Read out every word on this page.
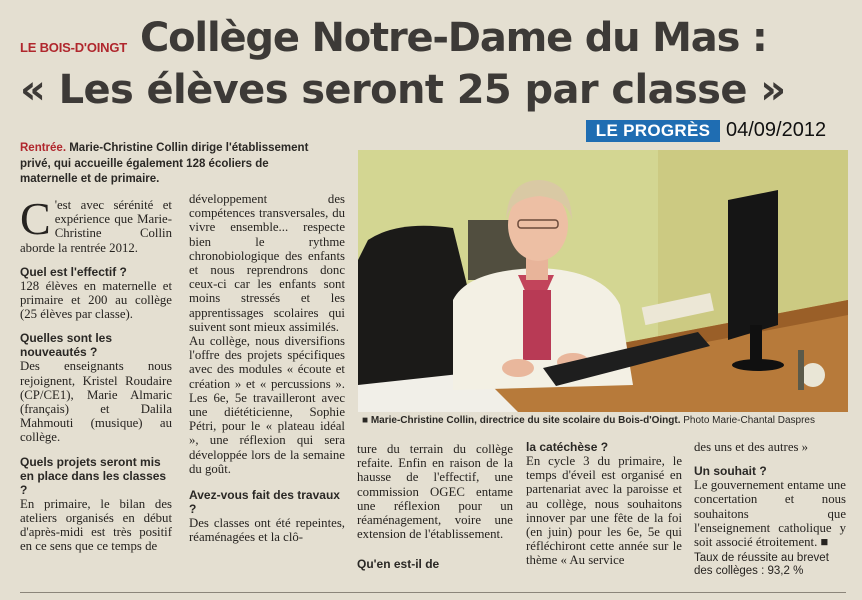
LE BOIS-D'OINGT Collège Notre-Dame du Mas :
« Les élèves seront 25 par classe »
LE PROGRÈS 04/09/2012
Rentrée. Marie-Christine Collin dirige l'établissement privé, qui accueille également 128 écoliers de maternelle et de primaire.

C 'est avec sérénité et expérience que Marie-Christine Collin aborde la rentrée 2012.

Quel est l'effectif ?

128 élèves en maternelle et primaire et 200 au collège (25 élèves par classe).

Quelles sont les nouveautés ?

Des enseignants nous rejoignent, Kristel Roudaire (CP/CE1), Marie Almaric (français) et Dalila Mahmouti (musique) au collège.

Quels projets seront mis en place dans les classes ?

En primaire, le bilan des ateliers organisés en début d'après-midi est très positif en ce sens que ce temps de

développement des compétences transversales, du vivre ensemble... respecte bien le rythme chronobiologique des enfants et nous reprendrons donc ceux-ci car les enfants sont moins stressés et les apprentissages scolaires qui suivent sont mieux assimilés.

Au collège, nous diversifions l'offre des projets spécifiques avec des modules « écoute et création » et « percussions ». Les 6e, 5e travailleront avec une diététicienne, Sophie Pétri, pour le « plateau idéal », une réflexion qui sera développée lors de la semaine du goût.

Avez-vous fait des travaux ?

Des classes ont été repeintes, réaménagées et la clô-

■ Marie-Christine Collin, directrice du site scolaire du Bois-d'Oingt. Photo Marie-Chantal Daspres

ture du terrain du collège refaite. Enfin en raison de la hausse de l'effectif, une commission OGEC entame une réflexion pour un réaménagement, voire une extension de l'établissement.

Qu'en est-il de

la catéchèse ?

En cycle 3 du primaire, le temps d'éveil est organisé en partenariat avec la paroisse et au collège, nous souhaitons innover par une fête de la foi (en juin) pour les 6e, 5e qui réfléchiront cette année sur le thème « Au service

des uns et des autres »

Un souhait ?

Le gouvernement entame une concertation et nous souhaitons que l'enseignement catholique y soit associé étroitement. ■

Taux de réussite au brevet des collèges : 93,2 %
